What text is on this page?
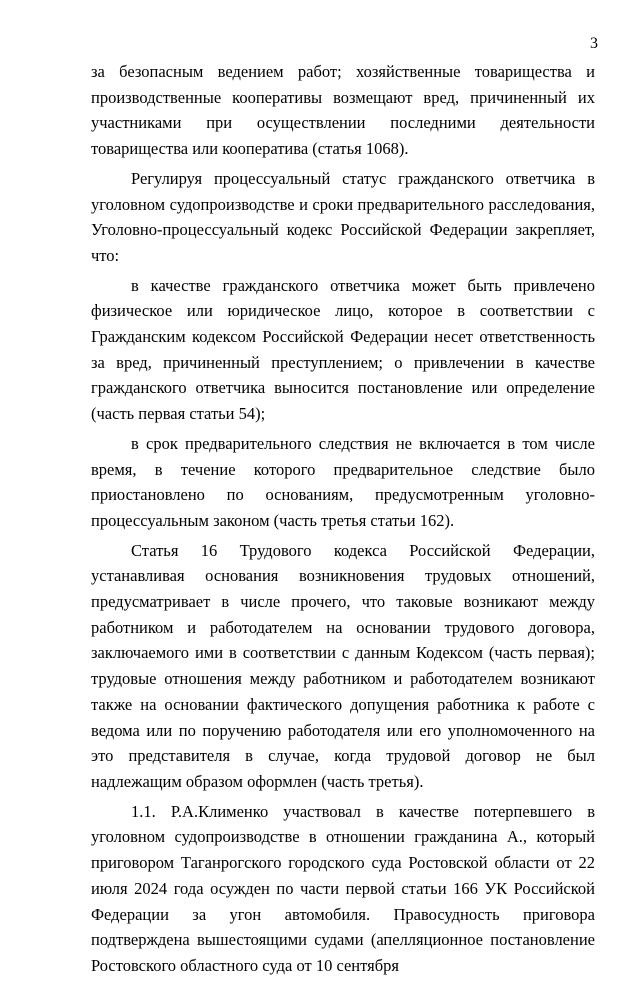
3

за безопасным ведением работ; хозяйственные товарищества и производственные кооперативы возмещают вред, причиненный их участниками при осуществлении последними деятельности товарищества или кооператива (статья 1068).

Регулируя процессуальный статус гражданского ответчика в уголовном судопроизводстве и сроки предварительного расследования, Уголовно-процессуальный кодекс Российской Федерации закрепляет, что:

в качестве гражданского ответчика может быть привлечено физическое или юридическое лицо, которое в соответствии с Гражданским кодексом Российской Федерации несет ответственность за вред, причиненный преступлением; о привлечении в качестве гражданского ответчика выносится постановление или определение (часть первая статьи 54);

в срок предварительного следствия не включается в том числе время, в течение которого предварительное следствие было приостановлено по основаниям, предусмотренным уголовно-процессуальным законом (часть третья статьи 162).

Статья 16 Трудового кодекса Российской Федерации, устанавливая основания возникновения трудовых отношений, предусматривает в числе прочего, что таковые возникают между работником и работодателем на основании трудового договора, заключаемого ими в соответствии с данным Кодексом (часть первая); трудовые отношения между работником и работодателем возникают также на основании фактического допущения работника к работе с ведома или по поручению работодателя или его уполномоченного на это представителя в случае, когда трудовой договор не был надлежащим образом оформлен (часть третья).

1.1. Р.А.Клименко участвовал в качестве потерпевшего в уголовном судопроизводстве в отношении гражданина А., который приговором Таганрогского городского суда Ростовской области от 22 июля 2024 года осужден по части первой статьи 166 УК Российской Федерации за угон автомобиля. Правосудность приговора подтверждена вышестоящими судами (апелляционное постановление Ростовского областного суда от 10 сентября
